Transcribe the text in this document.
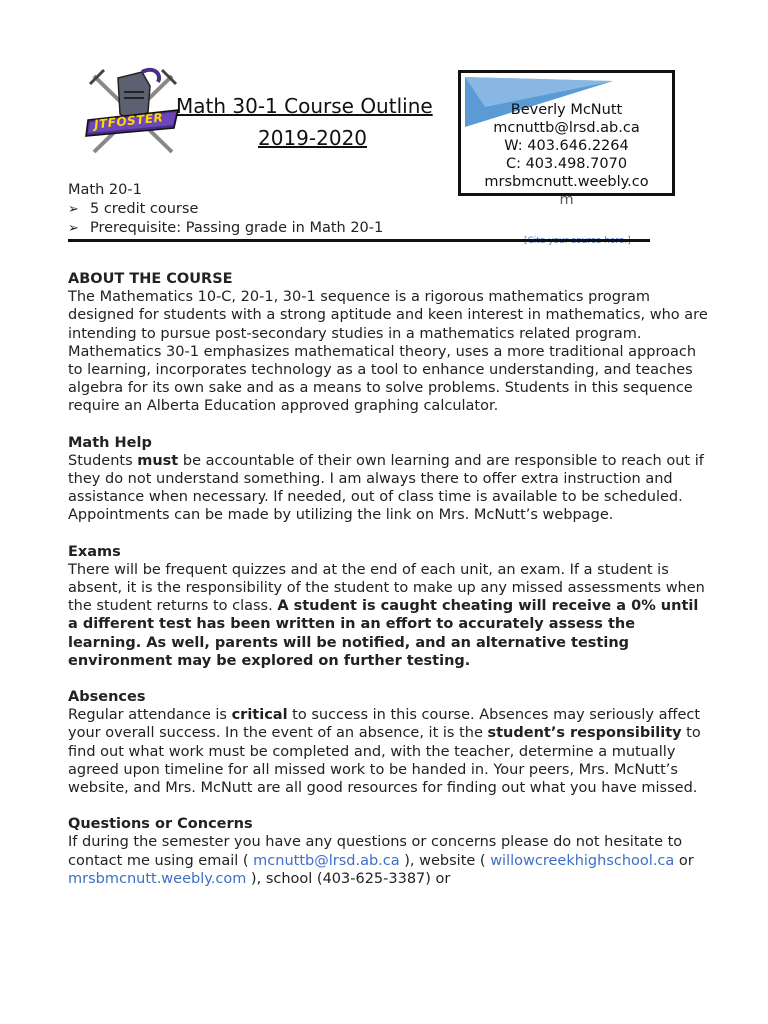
JTFOSTER
Math 30-1 Course Outline
2019-2020
Beverly McNutt
mcnuttb@lrsd.ab.ca
W: 403.646.2264
C: 403.498.7070
mrsbmcnutt.weebly.co
m
Math 20-1
➢ 5 credit course
➢ Prerequisite: Passing grade in Math 20-1
ABOUT THE COURSE

The Mathematics 10-C, 20-1, 30-1 sequence is a rigorous mathematics program designed for students with a strong aptitude and keen interest in mathematics, who are intending to pursue post-secondary studies in a mathematics related program. Mathematics 30-1 emphasizes mathematical theory, uses a more traditional approach to learning, incorporates technology as a tool to enhance understanding, and teaches algebra for its own sake and as a means to solve problems. Students in this sequence require an Alberta Education approved graphing calculator.

Math Help

Students must be accountable of their own learning and are responsible to reach out if they do not understand something. I am always there to offer extra instruction and assistance when necessary. If needed, out of class time is available to be scheduled. Appointments can be made by utilizing the link on Mrs. McNutt’s webpage.

Exams

There will be frequent quizzes and at the end of each unit, an exam. If a student is absent, it is the responsibility of the student to make up any missed assessments when the student returns to class. A student is caught cheating will receive a 0% until a different test has been written in an effort to accurately assess the learning. As well, parents will be notified, and an alternative testing environment may be explored on further testing.

Absences

Regular attendance is critical to success in this course. Absences may seriously affect your overall success. In the event of an absence, it is the student’s responsibility to find out what work must be completed and, with the teacher, determine a mutually agreed upon timeline for all missed work to be handed in. Your peers, Mrs. McNutt’s website, and Mrs. McNutt are all good resources for finding out what you have missed.

Questions or Concerns

If during the semester you have any questions or concerns please do not hesitate to contact me using email ( mcnuttb@lrsd.ab.ca ), website ( willowcreekhighschool.ca or mrsbmcnutt.weebly.com ), school (403-625-3387) or
